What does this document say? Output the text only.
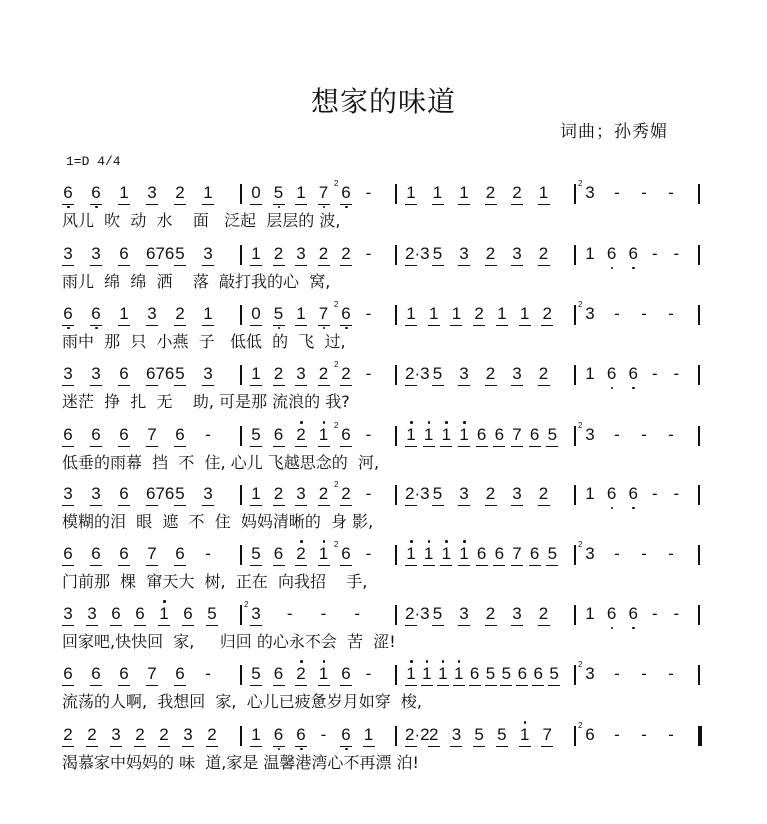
想家的味道
词曲；孙秀媚
1=D 4/4
6 6 1 3 2 1 0 5 1 7 2 6 - 1 1 1 2 2 1	2 3 - - -
风儿  吹  动  水    面   泛起  层层的 波,
3 3 6 676 5 3 1 2 3 2 2 - 2·3 5 3 2 3 2 1 6 6 - -
雨儿  绵  绵  洒    落  敲打我的心  窝,
6 6 1 3 2 1 0 5 1 7 2 6 - 1 1 1 2 1 1 2	2 3 - - -
雨中  那  只  小燕  子   低低  的  飞  过,
3 3 6 676 5 3 1 2 3 2 2 2 - 2·3 5 3 2 3 2 1 6 6 - -
迷茫  挣  扎  无    助, 可是那 流浪的 我?
6 6 6 7 6 - 5 6 2 1 2 6 - 1 1 1 1 6 6 7 6 5	2 3 - - -
低垂的雨幕  挡  不  住, 心儿 飞越思念的  河,
3 3 6 676 5 3 1 2 3 2 2 2 - 2·3 5 3 2 3 2 1 6 6 - -
模糊的泪  眼  遮  不  住  妈妈清晰的  身 影,
6 6 6 7 6 - 5 6 2 1 2 6 - 1 1 1 1 6 6 7 6 5	2 3 - - -
门前那  棵  窜天大  树,  正在  向我招    手,
3 3 6 6 1 6 5	2 3 - - -	2·3 5 3 2 3 2 1 6 6 - -
回家吧,快快回  家,     归回 的心永不会  苦  涩!
6 6 6 7 6 - 5 6 2 1 6 - 1 1 1 1 6 5 5 6 6 5 2 3 - - -
流荡的人啊,  我想回  家,  心儿已疲惫岁月如穿  梭,
2 2 3 2 2 3 2 1 6 6 - 6 1 2·2 2 3 5 5 1 7	2 6 - - -
渴慕家中妈妈的 味  道,家是 温馨港湾心不再漂 泊!
